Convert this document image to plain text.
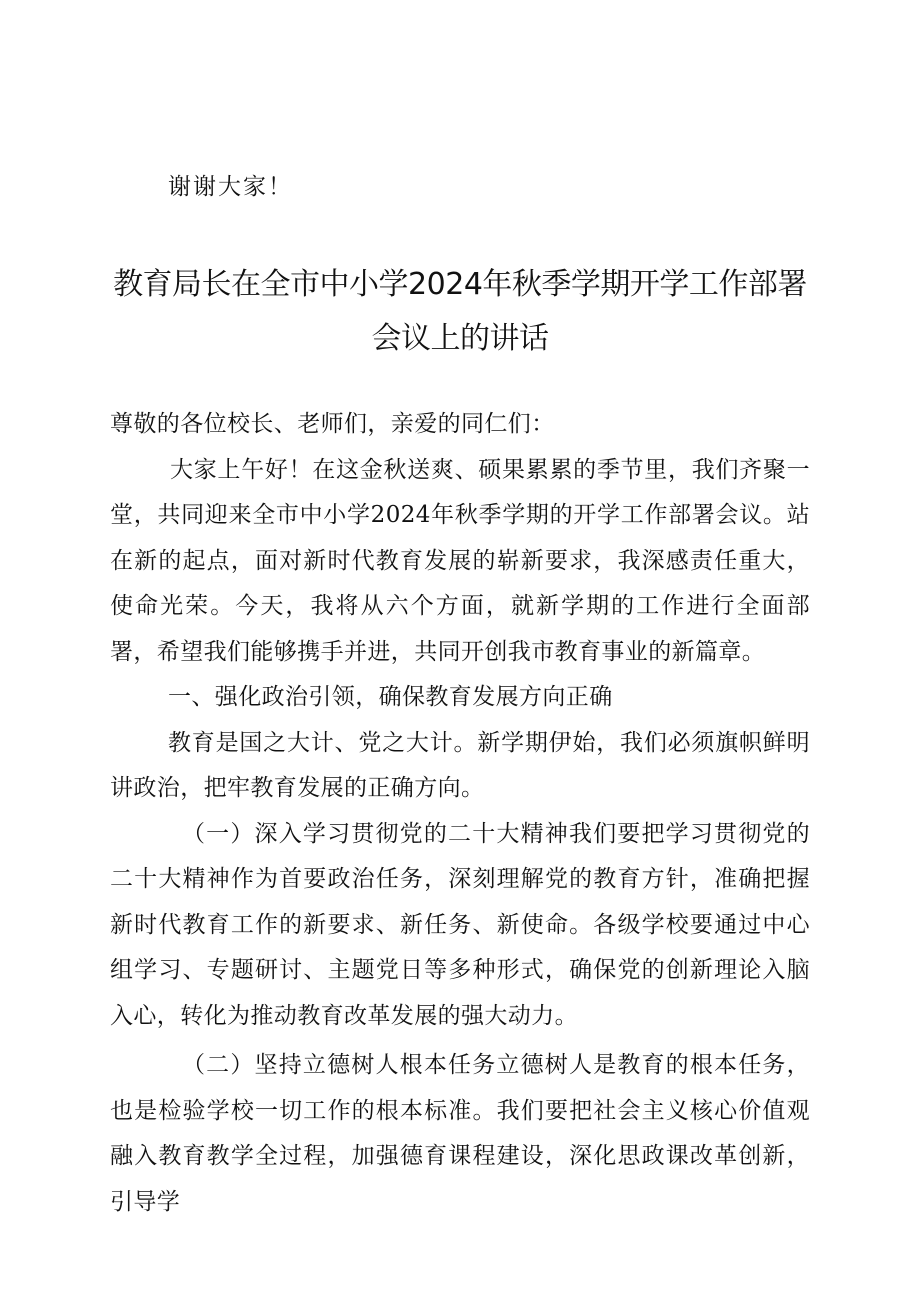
谢谢大家！

教育局长在全市中小学2024年秋季学期开学工作部署会议上的讲话

尊敬的各位校长、老师们，亲爱的同仁们：

大家上午好！在这金秋送爽、硕果累累的季节里，我们齐聚一堂，共同迎来全市中小学2024年秋季学期的开学工作部署会议。站在新的起点，面对新时代教育发展的崭新要求，我深感责任重大，使命光荣。今天，我将从六个方面，就新学期的工作进行全面部署，希望我们能够携手并进，共同开创我市教育事业的新篇章。

一、强化政治引领，确保教育发展方向正确

教育是国之大计、党之大计。新学期伊始，我们必须旗帜鲜明讲政治，把牢教育发展的正确方向。

（一）深入学习贯彻党的二十大精神我们要把学习贯彻党的二十大精神作为首要政治任务，深刻理解党的教育方针，准确把握新时代教育工作的新要求、新任务、新使命。各级学校要通过中心组学习、专题研讨、主题党日等多种形式，确保党的创新理论入脑入心，转化为推动教育改革发展的强大动力。

（二）坚持立德树人根本任务立德树人是教育的根本任务，也是检验学校一切工作的根本标准。我们要把社会主义核心价值观融入教育教学全过程，加强德育课程建设，深化思政课改革创新，引导学
